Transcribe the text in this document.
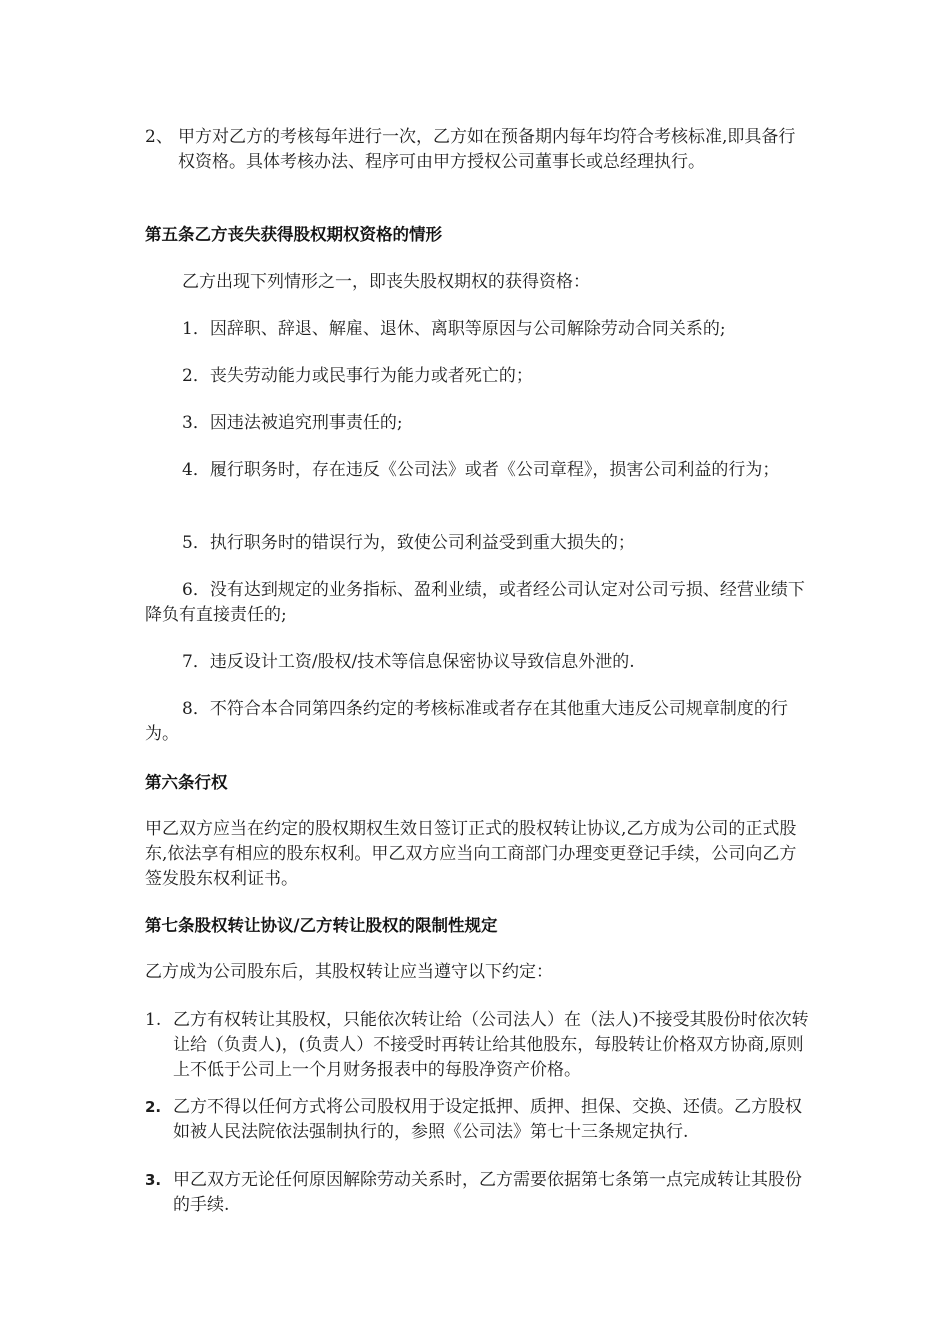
2、 甲方对乙方的考核每年进行一次，乙方如在预备期内每年均符合考核标准,即具备行权资格。具体考核办法、程序可由甲方授权公司董事长或总经理执行。

第五条乙方丧失获得股权期权资格的情形

乙方出现下列情形之一，即丧失股权期权的获得资格：

1．因辞职、辞退、解雇、退休、离职等原因与公司解除劳动合同关系的;

2．丧失劳动能力或民事行为能力或者死亡的；

3．因违法被追究刑事责任的;

4．履行职务时，存在违反《公司法》或者《公司章程》，损害公司利益的行为；

5．执行职务时的错误行为，致使公司利益受到重大损失的；

6．没有达到规定的业务指标、盈利业绩，或者经公司认定对公司亏损、经营业绩下降负有直接责任的;

7．违反设计工资/股权/技术等信息保密协议导致信息外泄的.

8．不符合本合同第四条约定的考核标准或者存在其他重大违反公司规章制度的行为。

第六条行权

甲乙双方应当在约定的股权期权生效日签订正式的股权转让协议,乙方成为公司的正式股东,依法享有相应的股东权利。甲乙双方应当向工商部门办理变更登记手续，公司向乙方签发股东权利证书。

第七条股权转让协议/乙方转让股权的限制性规定

乙方成为公司股东后，其股权转让应当遵守以下约定：

1. 乙方有权转让其股权，只能依次转让给（公司法人）在（法人)不接受其股份时依次转让给（负责人)，(负责人）不接受时再转让给其他股东，每股转让价格双方协商,原则上不低于公司上一个月财务报表中的每股净资产价格。
2. 乙方不得以任何方式将公司股权用于设定抵押、质押、担保、交换、还债。乙方股权如被人民法院依法强制执行的，参照《公司法》第七十三条规定执行.
3. 甲乙双方无论任何原因解除劳动关系时，乙方需要依据第七条第一点完成转让其股份的手续.
